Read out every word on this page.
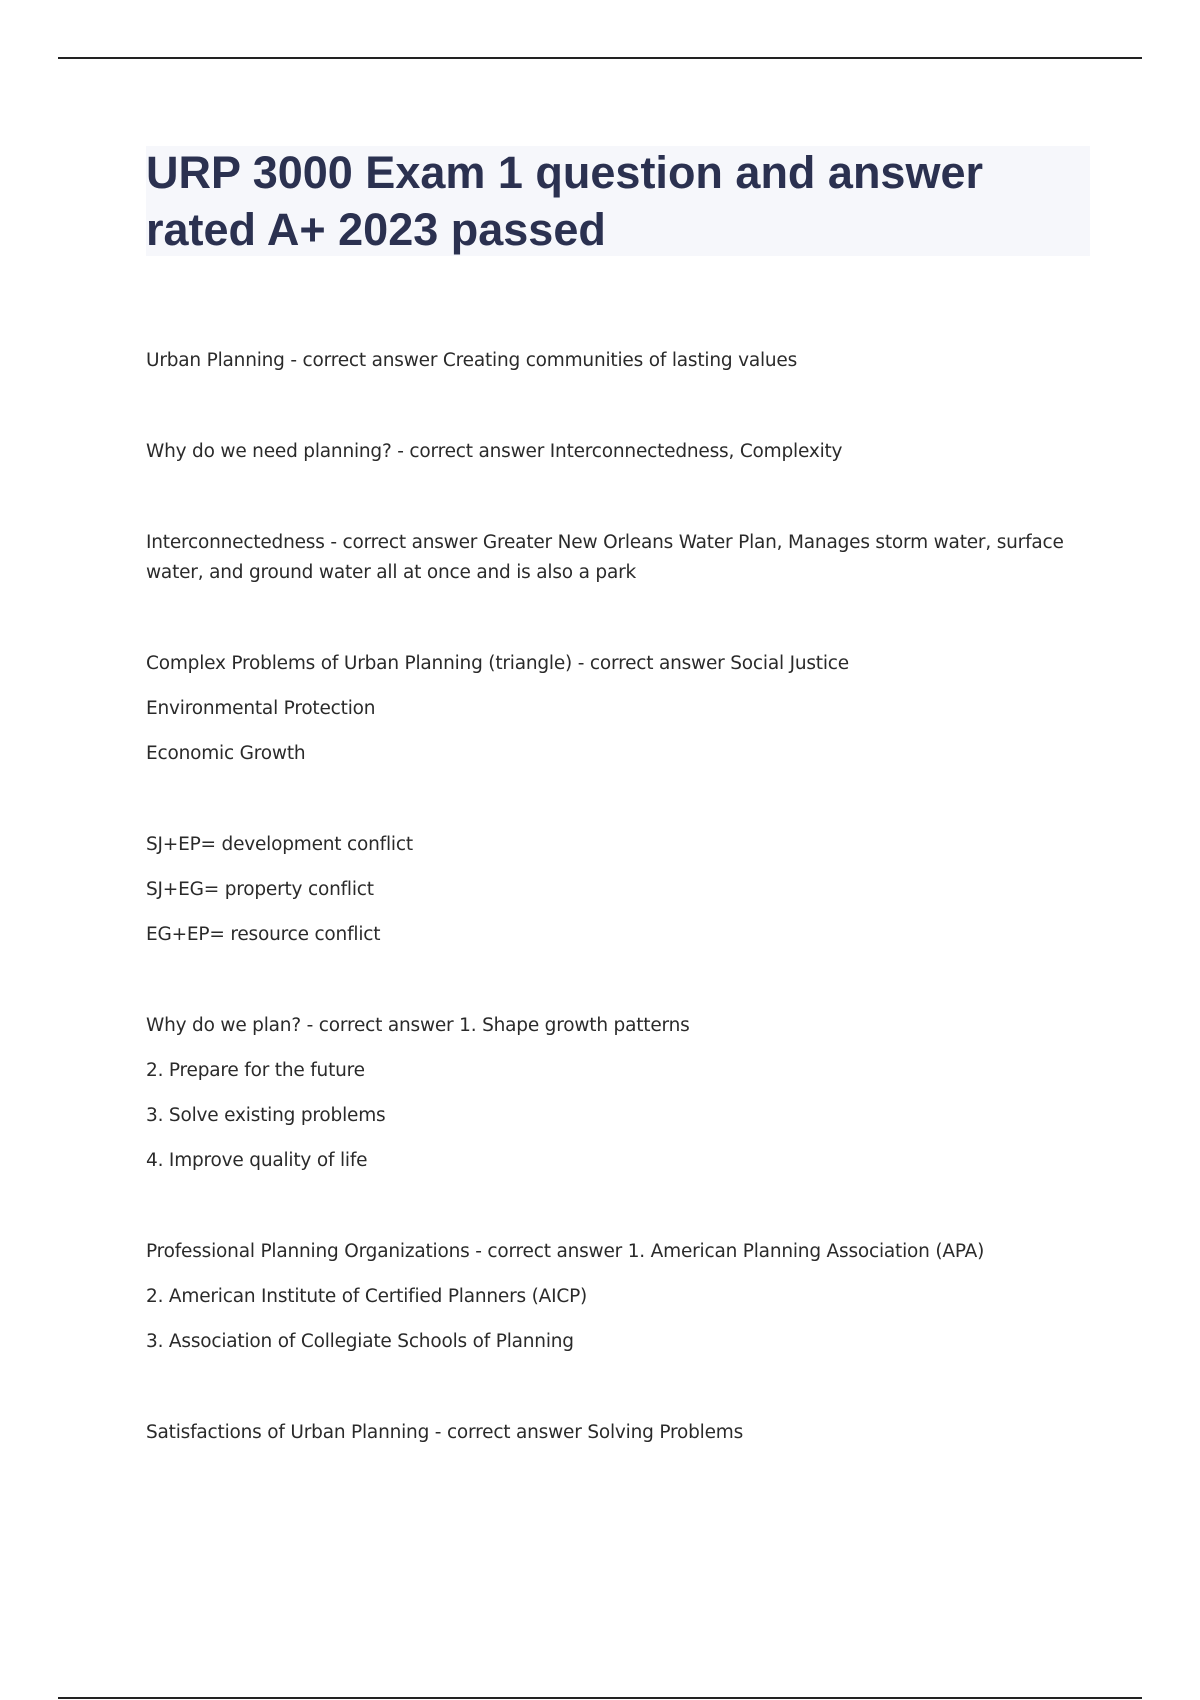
URP 3000 Exam 1 question and answer rated A+ 2023 passed

Urban Planning - correct answer Creating communities of lasting values

Why do we need planning? - correct answer Interconnectedness, Complexity

Interconnectedness - correct answer Greater New Orleans Water Plan, Manages storm water, surface water, and ground water all at once and is also a park

Complex Problems of Urban Planning (triangle) - correct answer Social Justice

Environmental Protection

Economic Growth

SJ+EP= development conflict

SJ+EG= property conflict

EG+EP= resource conflict

Why do we plan? - correct answer 1. Shape growth patterns

2. Prepare for the future

3. Solve existing problems

4. Improve quality of life

Professional Planning Organizations - correct answer 1. American Planning Association (APA)

2. American Institute of Certified Planners (AICP)

3. Association of Collegiate Schools of Planning

Satisfactions of Urban Planning - correct answer Solving Problems
